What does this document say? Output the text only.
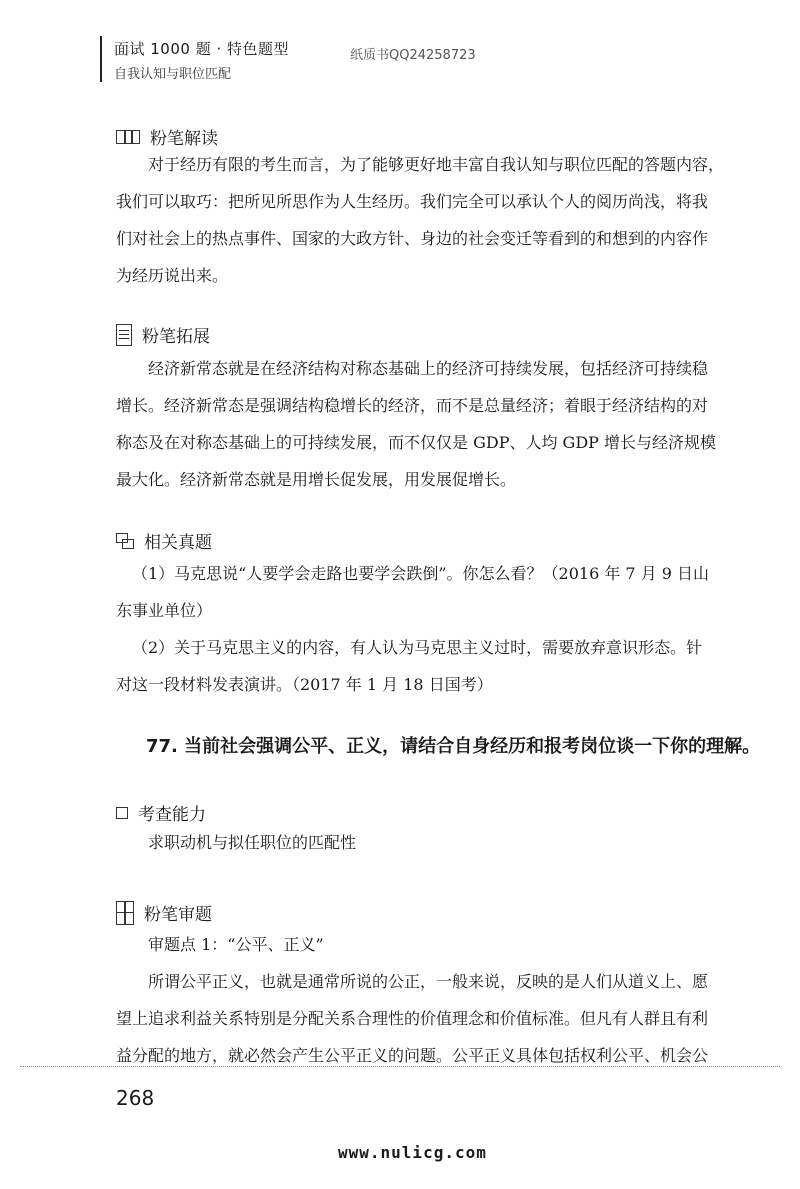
面试 1000 题 · 特色题型
自我认知与职位匹配
纸质书QQ24258723
粉笔解读
对于经历有限的考生而言，为了能够更好地丰富自我认知与职位匹配的答题内容，
我们可以取巧：把所见所思作为人生经历。我们完全可以承认个人的阅历尚浅，将我
们对社会上的热点事件、国家的大政方针、身边的社会变迁等看到的和想到的内容作
为经历说出来。
粉笔拓展
经济新常态就是在经济结构对称态基础上的经济可持续发展，包括经济可持续稳
增长。经济新常态是强调结构稳增长的经济，而不是总量经济；着眼于经济结构的对
称态及在对称态基础上的可持续发展，而不仅仅是 GDP、人均 GDP 增长与经济规模
最大化。经济新常态就是用增长促发展，用发展促增长。
相关真题
（1）马克思说“人要学会走路也要学会跌倒”。你怎么看？（2016 年 7 月 9 日山
东事业单位）
（2）关于马克思主义的内容，有人认为马克思主义过时，需要放弃意识形态。针
对这一段材料发表演讲。（2017 年 1 月 18 日国考）
77. 当前社会强调公平、正义，请结合自身经历和报考岗位谈一下你的理解。
考查能力
求职动机与拟任职位的匹配性
粉笔审题
审题点 1：“公平、正义”
所谓公平正义，也就是通常所说的公正，一般来说，反映的是人们从道义上、愿
望上追求利益关系特别是分配关系合理性的价值理念和价值标准。但凡有人群且有利
益分配的地方，就必然会产生公平正义的问题。公平正义具体包括权利公平、机会公
268
www.nulicg.com
